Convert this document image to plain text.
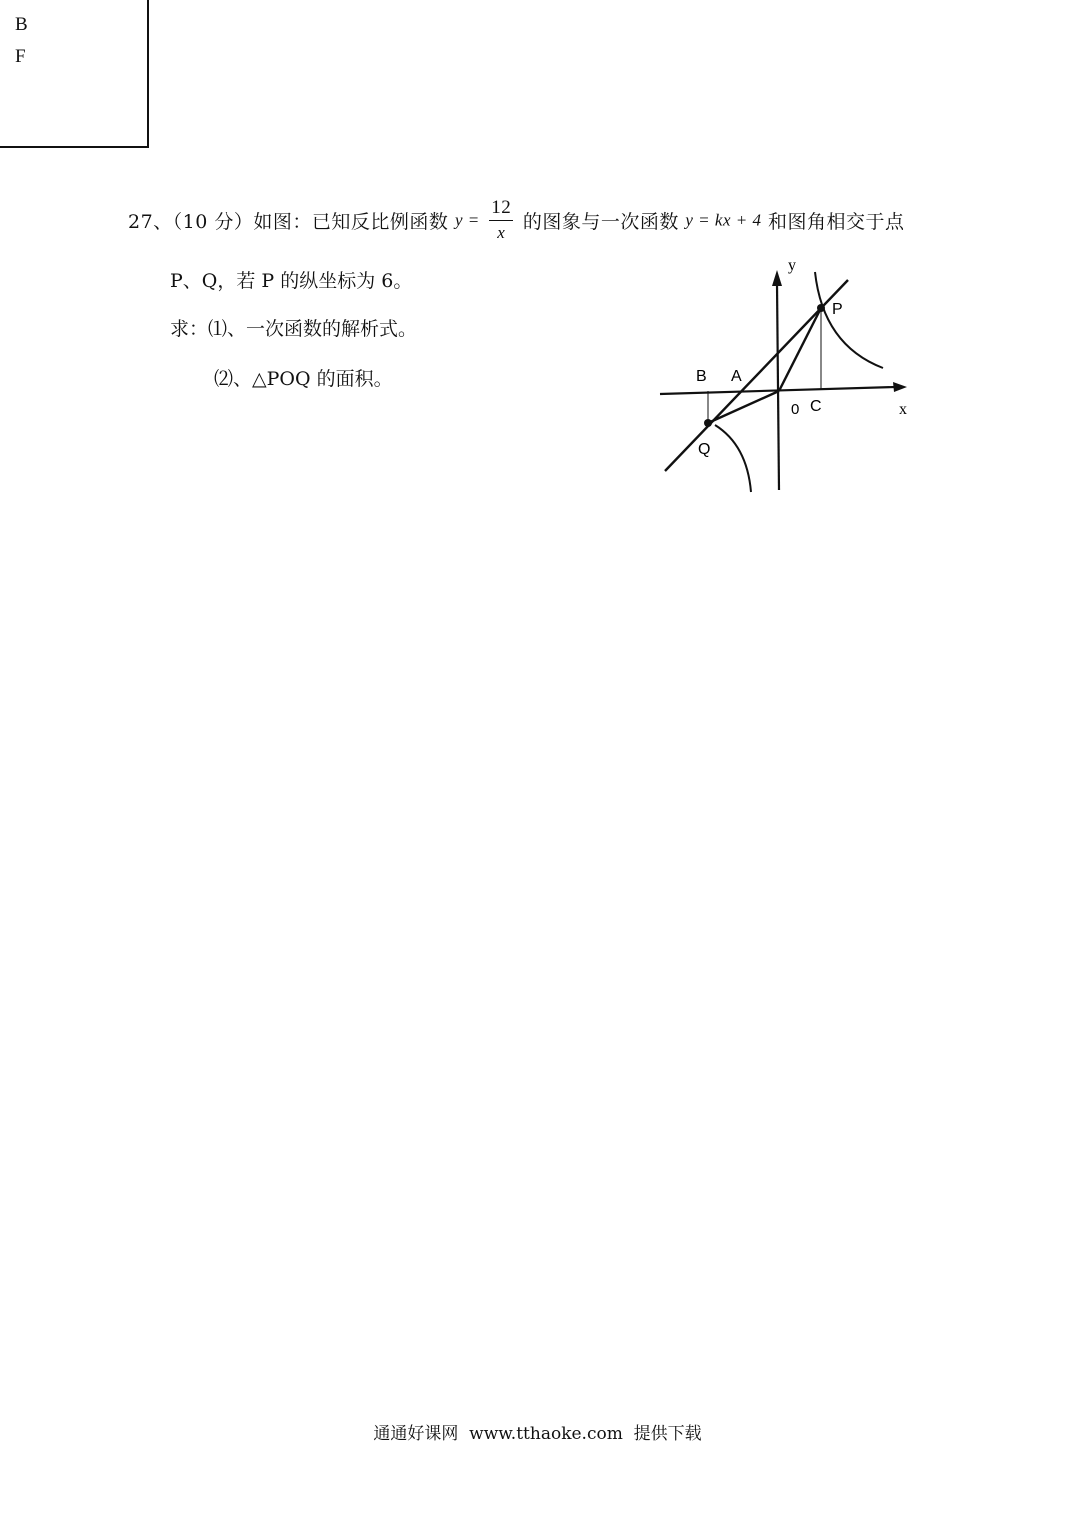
B
F
27、（10 分）如图：已知反比例函数 $y = \frac{12}{x}$ 的图象与一次函数 y = kx + 4 和图角相交于点
P、Q，若 P 的纵坐标为 6。
求：⑴、一次函数的解析式。
⑵、△POQ 的面积。
y
x
P
Q
A
B
C
0
通通好课网  www.tthaoke.com  提供下载
